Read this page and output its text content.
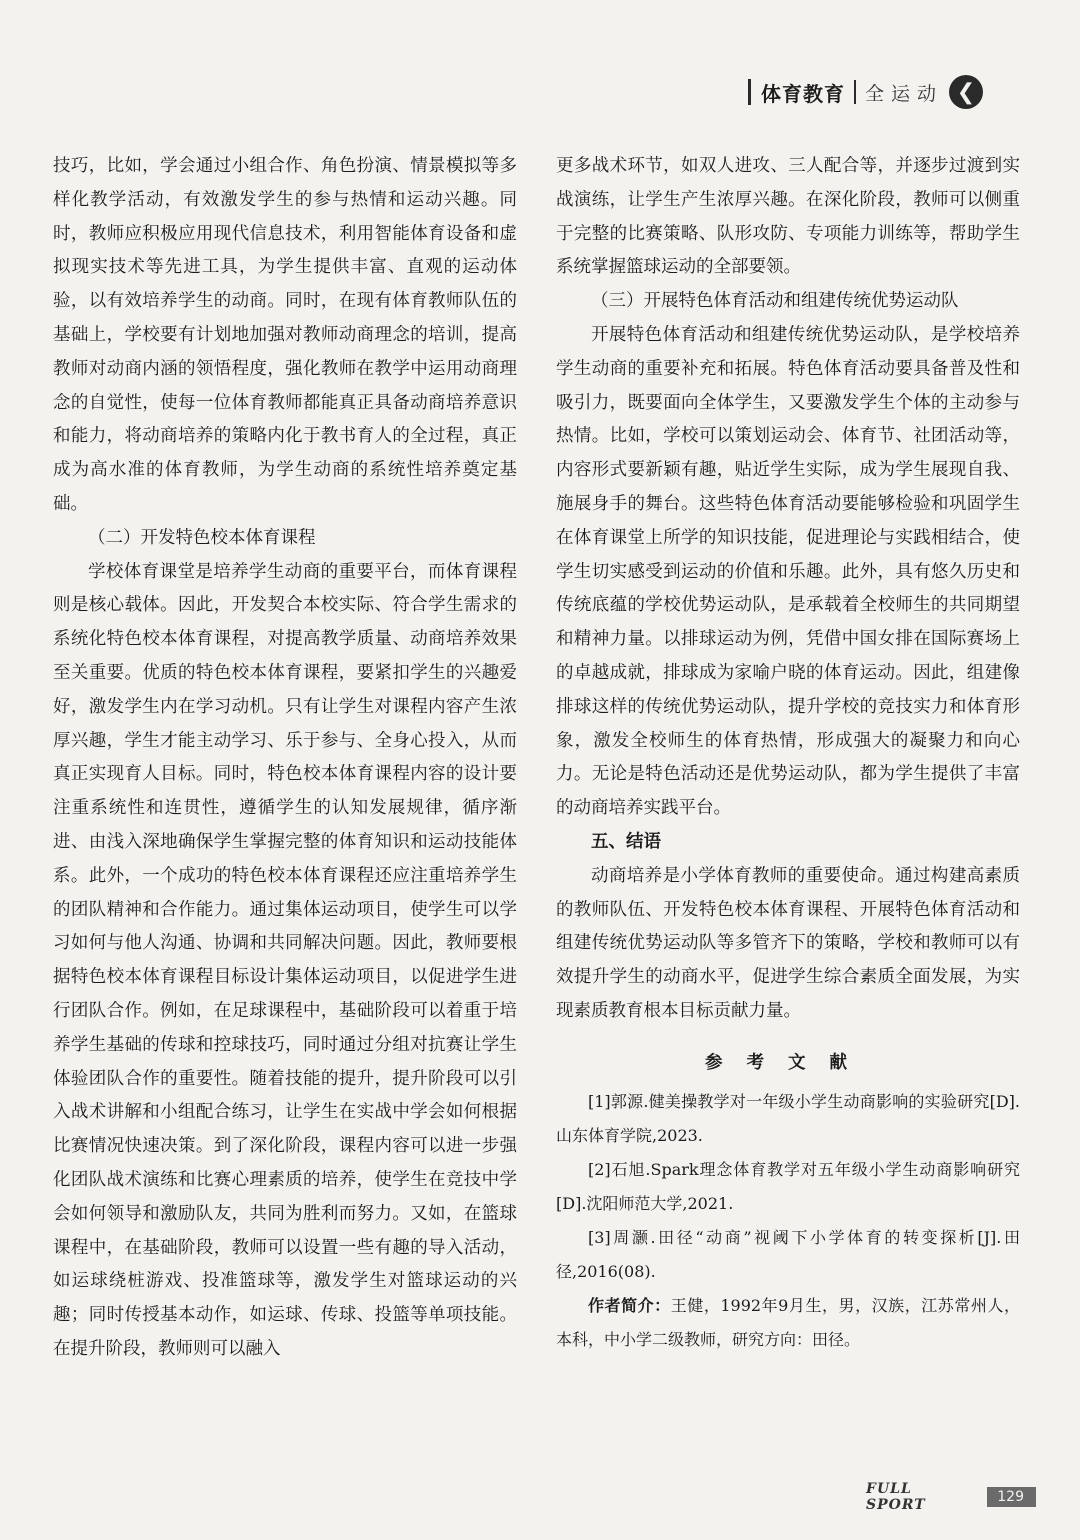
体育教育 全运动 ❮

技巧，比如，学会通过小组合作、角色扮演、情景模拟等多样化教学活动，有效激发学生的参与热情和运动兴趣。同时，教师应积极应用现代信息技术，利用智能体育设备和虚拟现实技术等先进工具，为学生提供丰富、直观的运动体验，以有效培养学生的动商。同时，在现有体育教师队伍的基础上，学校要有计划地加强对教师动商理念的培训，提高教师对动商内涵的领悟程度，强化教师在教学中运用动商理念的自觉性，使每一位体育教师都能真正具备动商培养意识和能力，将动商培养的策略内化于教书育人的全过程，真正成为高水准的体育教师，为学生动商的系统性培养奠定基础。

（二）开发特色校本体育课程

学校体育课堂是培养学生动商的重要平台，而体育课程则是核心载体。因此，开发契合本校实际、符合学生需求的系统化特色校本体育课程，对提高教学质量、动商培养效果至关重要。优质的特色校本体育课程，要紧扣学生的兴趣爱好，激发学生内在学习动机。只有让学生对课程内容产生浓厚兴趣，学生才能主动学习、乐于参与、全身心投入，从而真正实现育人目标。同时，特色校本体育课程内容的设计要注重系统性和连贯性，遵循学生的认知发展规律，循序渐进、由浅入深地确保学生掌握完整的体育知识和运动技能体系。此外，一个成功的特色校本体育课程还应注重培养学生的团队精神和合作能力。通过集体运动项目，使学生可以学习如何与他人沟通、协调和共同解决问题。因此，教师要根据特色校本体育课程目标设计集体运动项目，以促进学生进行团队合作。例如，在足球课程中，基础阶段可以着重于培养学生基础的传球和控球技巧，同时通过分组对抗赛让学生体验团队合作的重要性。随着技能的提升，提升阶段可以引入战术讲解和小组配合练习，让学生在实战中学会如何根据比赛情况快速决策。到了深化阶段，课程内容可以进一步强化团队战术演练和比赛心理素质的培养，使学生在竞技中学会如何领导和激励队友，共同为胜利而努力。又如，在篮球课程中，在基础阶段，教师可以设置一些有趣的导入活动，如运球绕桩游戏、投准篮球等，激发学生对篮球运动的兴趣；同时传授基本动作，如运球、传球、投篮等单项技能。在提升阶段，教师则可以融入

更多战术环节，如双人进攻、三人配合等，并逐步过渡到实战演练，让学生产生浓厚兴趣。在深化阶段，教师可以侧重于完整的比赛策略、队形攻防、专项能力训练等，帮助学生系统掌握篮球运动的全部要领。

（三）开展特色体育活动和组建传统优势运动队

开展特色体育活动和组建传统优势运动队，是学校培养学生动商的重要补充和拓展。特色体育活动要具备普及性和吸引力，既要面向全体学生，又要激发学生个体的主动参与热情。比如，学校可以策划运动会、体育节、社团活动等，内容形式要新颖有趣，贴近学生实际，成为学生展现自我、施展身手的舞台。这些特色体育活动要能够检验和巩固学生在体育课堂上所学的知识技能，促进理论与实践相结合，使学生切实感受到运动的价值和乐趣。此外，具有悠久历史和传统底蕴的学校优势运动队，是承载着全校师生的共同期望和精神力量。以排球运动为例，凭借中国女排在国际赛场上的卓越成就，排球成为家喻户晓的体育运动。因此，组建像排球这样的传统优势运动队，提升学校的竞技实力和体育形象，激发全校师生的体育热情，形成强大的凝聚力和向心力。无论是特色活动还是优势运动队，都为学生提供了丰富的动商培养实践平台。

五、结语

动商培养是小学体育教师的重要使命。通过构建高素质的教师队伍、开发特色校本体育课程、开展特色体育活动和组建传统优势运动队等多管齐下的策略，学校和教师可以有效提升学生的动商水平，促进学生综合素质全面发展，为实现素质教育根本目标贡献力量。

参考文献

[1]郭源.健美操教学对一年级小学生动商影响的实验研究[D].山东体育学院,2023.

[2]石旭.Spark理念体育教学对五年级小学生动商影响研究[D].沈阳师范大学,2021.

[3]周灏.田径“动商”视阈下小学体育的转变探析[J].田径,2016(08).

作者简介：王健，1992年9月生，男，汉族，江苏常州人，本科，中小学二级教师，研究方向：田径。

FULL SPORT	129
